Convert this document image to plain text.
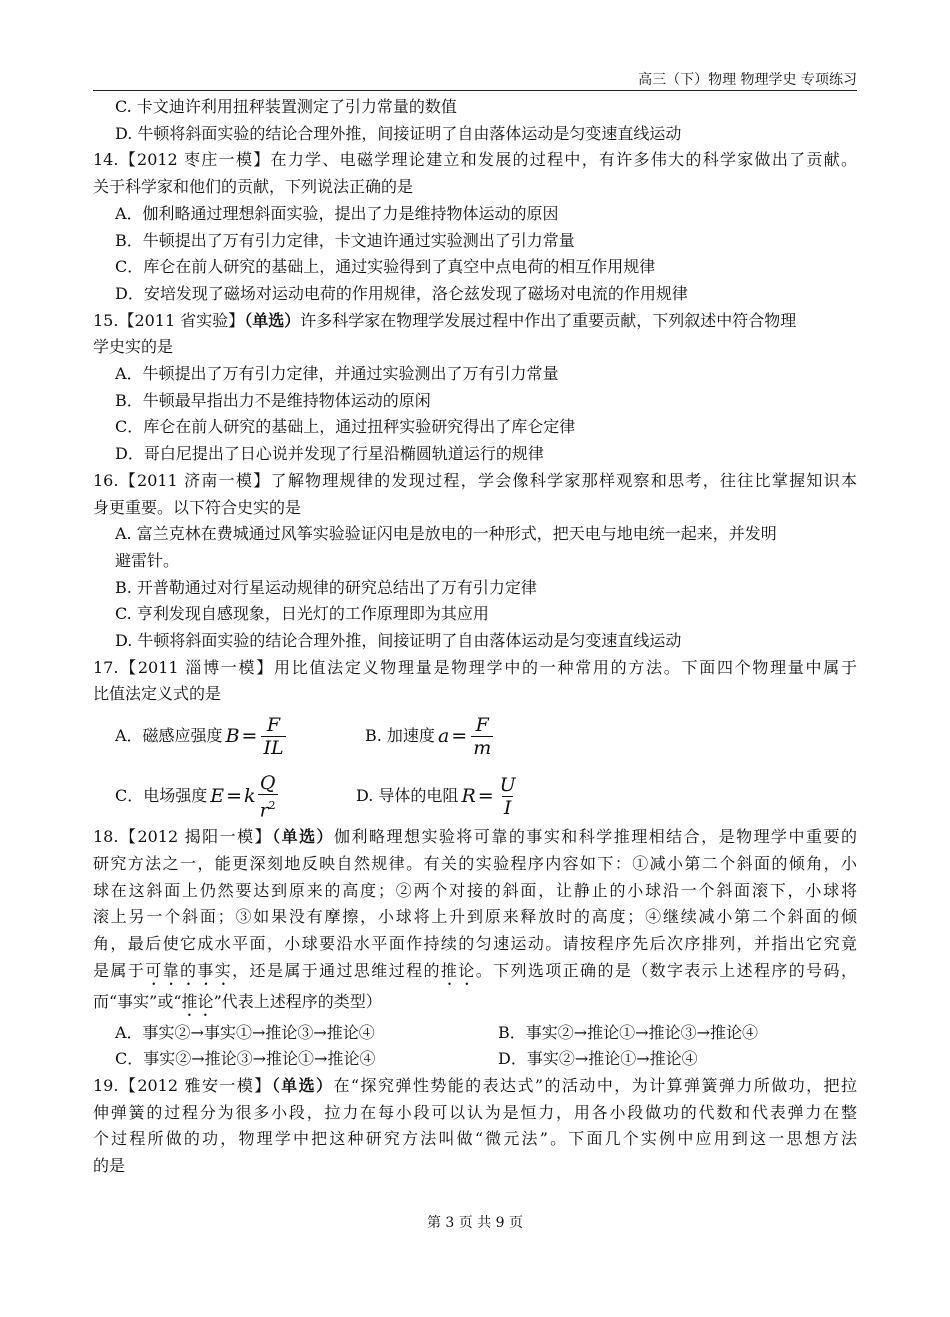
高三（下）物理 物理学史 专项练习
C. 卡文迪许利用扭秤装置测定了引力常量的数值
D. 牛顿将斜面实验的结论合理外推，间接证明了自由落体运动是匀变速直线运动
14.【2012 枣庄一模】在力学、电磁学理论建立和发展的过程中，有许多伟大的科学家做出了贡献。
关于科学家和他们的贡献，下列说法正确的是
A．伽利略通过理想斜面实验，提出了力是维持物体运动的原因
B．牛顿提出了万有引力定律，卡文迪许通过实验测出了引力常量
C．库仑在前人研究的基础上，通过实验得到了真空中点电荷的相互作用规律
D．安培发现了磁场对运动电荷的作用规律，洛仑兹发现了磁场对电流的作用规律
15.【2011 省实验】（单选）许多科学家在物理学发展过程中作出了重要贡献，下列叙述中符合物理
学史实的是
A．牛顿提出了万有引力定律，并通过实验测出了万有引力常量
B．牛顿最早指出力不是维持物体运动的原闲
C．库仑在前人研究的基础上，通过扭秤实验研究得出了库仑定律
D．哥白尼提出了日心说并发现了行星沿椭圆轨道运行的规律
16.【2011 济南一模】了解物理规律的发现过程，学会像科学家那样观察和思考，往往比掌握知识本
身更重要。以下符合史实的是
A. 富兰克林在费城通过风筝实验验证闪电是放电的一种形式，把天电与地电统一起来，并发明
避雷针。
B. 开普勒通过对行星运动规律的研究总结出了万有引力定律
C. 亨利发现自感现象，日光灯的工作原理即为其应用
D. 牛顿将斜面实验的结论合理外推，间接证明了自由落体运动是匀变速直线运动
17.【2011 淄博一模】用比值法定义物理量是物理学中的一种常用的方法。下面四个物理量中属于
比值法定义式的是
A．磁感应强度 $B = \frac{F}{IL}$	B. 加速度 $a = \frac{F}{m}$
C．电场强度 E = k $\frac{Q}{r^2}$	D. 导体的电阻 $R = \frac{U}{I}$
18.【2012 揭阳一模】（单选）伽利略理想实验将可靠的事实和科学推理相结合，是物理学中重要的
研究方法之一，能更深刻地反映自然规律。有关的实验程序内容如下：①减小第二个斜面的倾角，小
球在这斜面上仍然要达到原来的高度；②两个对接的斜面，让静止的小球沿一个斜面滚下，小球将
滚上另一个斜面；③如果没有摩擦，小球将上升到原来释放时的高度；④继续减小第二个斜面的倾
角，最后使它成水平面，小球要沿水平面作持续的匀速运动。请按程序先后次序排列，并指出它究竟
是属于可靠的事实，还是属于通过思维过程的推论。下列选项正确的是（数字表示上述程序的号码，
而“事实”或“推论”代表上述程序的类型）
A．事实②→事实①→推论③→推论④	B．事实②→推论①→推论③→推论④
C．事实②→推论③→推论①→推论④	D．事实②→推论①→推论④
19.【2012 雅安一模】（单选）在“探究弹性势能的表达式”的活动中，为计算弹簧弹力所做功，把拉
伸弹簧的过程分为很多小段，拉力在每小段可以认为是恒力，用各小段做功的代数和代表弹力在整
个过程所做的功，物理学中把这种研究方法叫做“微元法”。下面几个实例中应用到这一思想方法
的是
第 3 页 共 9 页
